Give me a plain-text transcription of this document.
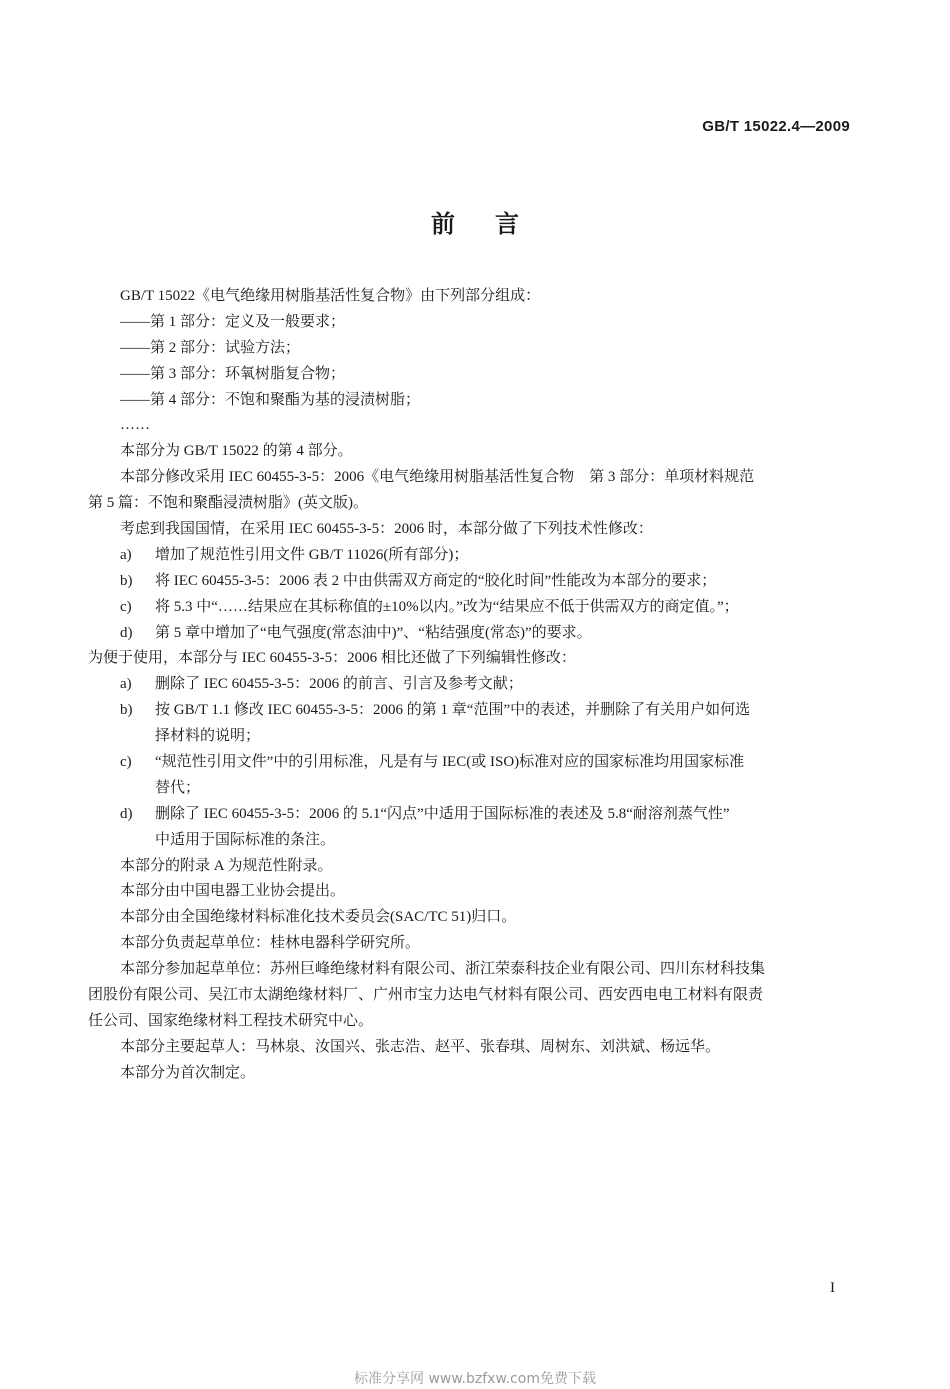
GB/T 15022.4—2009
前言
GB/T 15022《电气绝缘用树脂基活性复合物》由下列部分组成：
——第 1 部分：定义及一般要求；
——第 2 部分：试验方法；
——第 3 部分：环氧树脂复合物；
——第 4 部分：不饱和聚酯为基的浸渍树脂；
……
本部分为 GB/T 15022 的第 4 部分。
本部分修改采用 IEC 60455-3-5：2006《电气绝缘用树脂基活性复合物　第 3 部分：单项材料规范
第 5 篇：不饱和聚酯浸渍树脂》(英文版)。
考虑到我国国情，在采用 IEC 60455-3-5：2006 时，本部分做了下列技术性修改：
a) 增加了规范性引用文件 GB/T 11026(所有部分)；
b) 将 IEC 60455-3-5：2006 表 2 中由供需双方商定的“胶化时间”性能改为本部分的要求；
c) 将 5.3 中“……结果应在其标称值的±10%以内。”改为“结果应不低于供需双方的商定值。”；
d) 第 5 章中增加了“电气强度(常态油中)”、“粘结强度(常态)”的要求。
为便于使用，本部分与 IEC 60455-3-5：2006 相比还做了下列编辑性修改：
a) 删除了 IEC 60455-3-5：2006 的前言、引言及参考文献；
b) 按 GB/T 1.1 修改 IEC 60455-3-5：2006 的第 1 章“范围”中的表述，并删除了有关用户如何选
择材料的说明；
c) “规范性引用文件”中的引用标准，凡是有与 IEC(或 ISO)标准对应的国家标准均用国家标准
替代；
d) 删除了 IEC 60455-3-5：2006 的 5.1“闪点”中适用于国际标准的表述及 5.8“耐溶剂蒸气性”
中适用于国际标准的条注。
本部分的附录 A 为规范性附录。
本部分由中国电器工业协会提出。
本部分由全国绝缘材料标准化技术委员会(SAC/TC 51)归口。
本部分负责起草单位：桂林电器科学研究所。
本部分参加起草单位：苏州巨峰绝缘材料有限公司、浙江荣泰科技企业有限公司、四川东材科技集
团股份有限公司、吴江市太湖绝缘材料厂、广州市宝力达电气材料有限公司、西安西电电工材料有限责
任公司、国家绝缘材料工程技术研究中心。
本部分主要起草人：马林泉、汝国兴、张志浩、赵平、张春琪、周树东、刘洪斌、杨远华。
本部分为首次制定。
I
标准分享网 www.bzfxw.com免费下载
